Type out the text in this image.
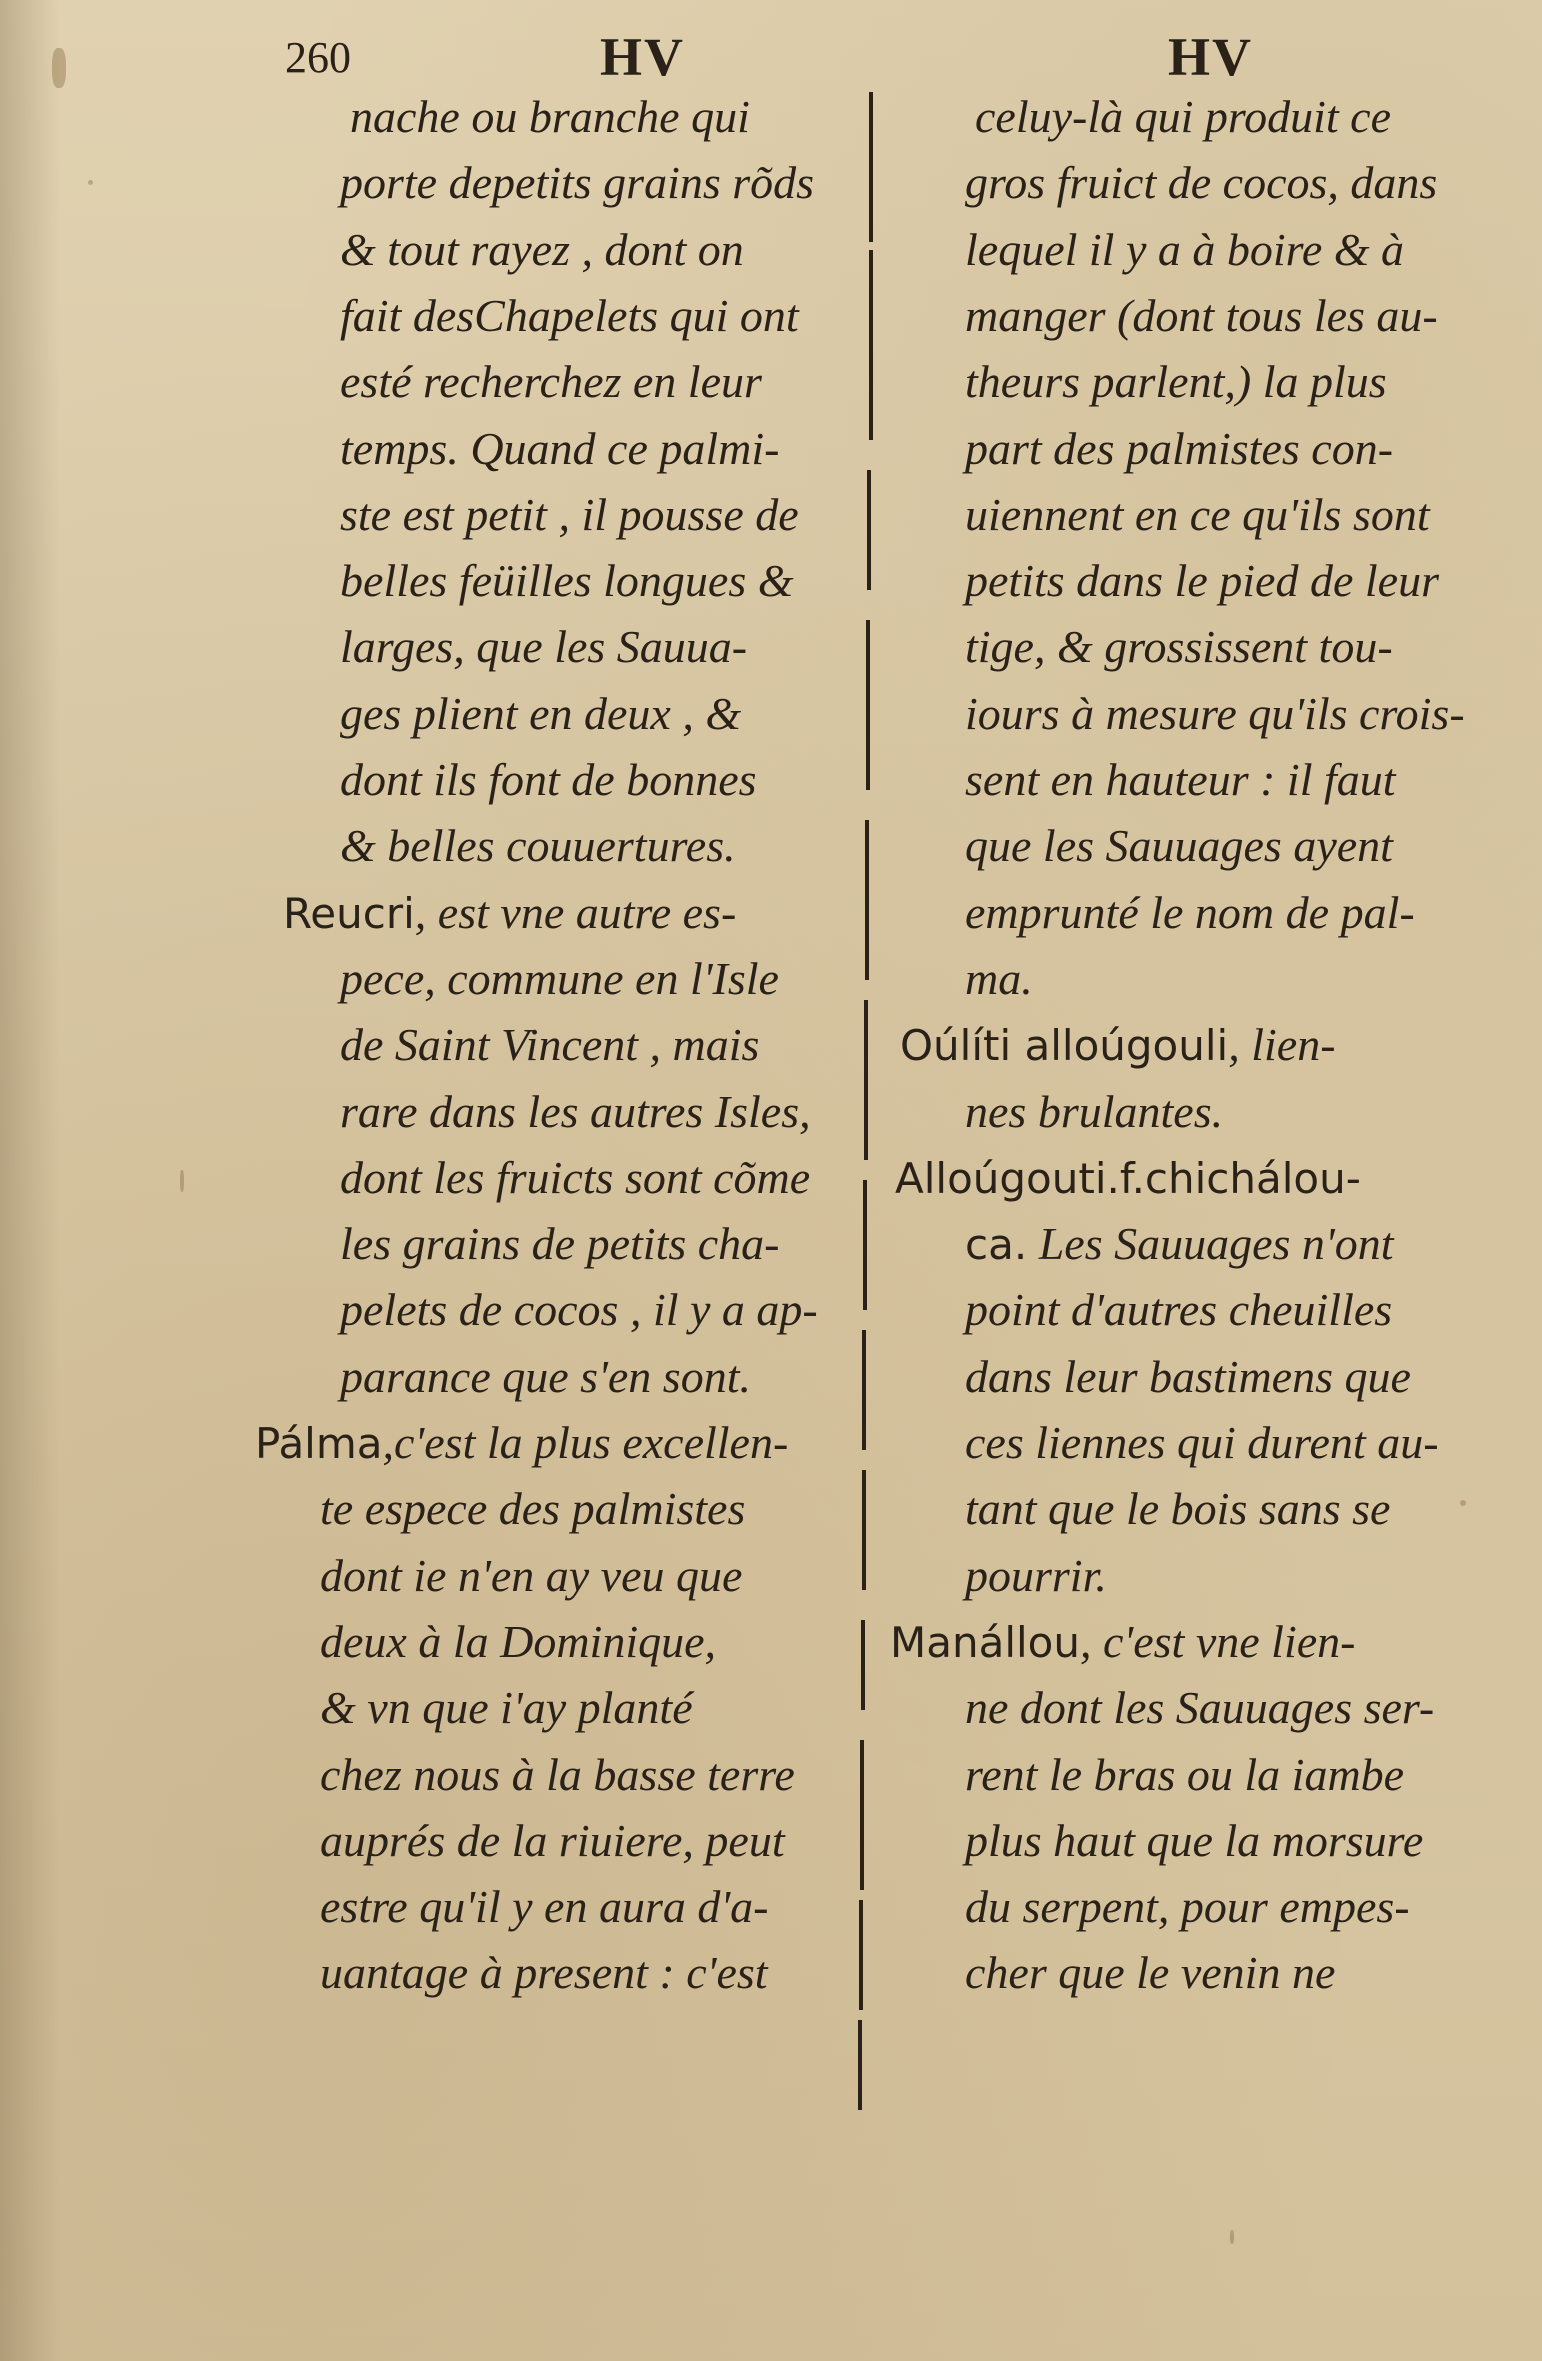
260	HV	HV
nache ou branche qui
porte depetits grains rõds
& tout rayez , dont on
fait desChapelets qui ont
esté recherchez en leur
temps. Quand ce palmi-
ste est petit , il pousse de
belles feüilles longues &
larges, que les Sauua-
ges plient en deux , &
dont ils font de bonnes
& belles couuertures.
Reucri, est vne autre es-
pece, commune en l'Isle
de Saint Vincent , mais
rare dans les autres Isles,
dont les fruicts sont cõme
les grains de petits cha-
pelets de cocos , il y a ap-
parance que s'en sont.
Pálma,c'est la plus excellen-
te espece des palmistes
dont ie n'en ay veu que
deux à la Dominique,
& vn que i'ay planté
chez nous à la basse terre
auprés de la riuiere, peut
estre qu'il y en aura d'a-
uantage à present : c'est
celuy-là qui produit ce
gros fruict de cocos, dans
lequel il y a à boire & à
manger (dont tous les au-
theurs parlent,) la plus
part des palmistes con-
uiennent en ce qu'ils sont
petits dans le pied de leur
tige, & grossissent tou-
iours à mesure qu'ils crois-
sent en hauteur : il faut
que les Sauuages ayent
emprunté le nom de pal-
ma.
Oúlíti alloúgouli, lien-
nes brulantes.
Alloúgouti.f.chichálou-
ca. Les Sauuages n'ont
point d'autres cheuilles
dans leur bastimens que
ces liennes qui durent au-
tant que le bois sans se
pourrir.
Manállou, c'est vne lien-
ne dont les Sauuages ser-
rent le bras ou la iambe
plus haut que la morsure
du serpent, pour empes-
cher que le venin ne
